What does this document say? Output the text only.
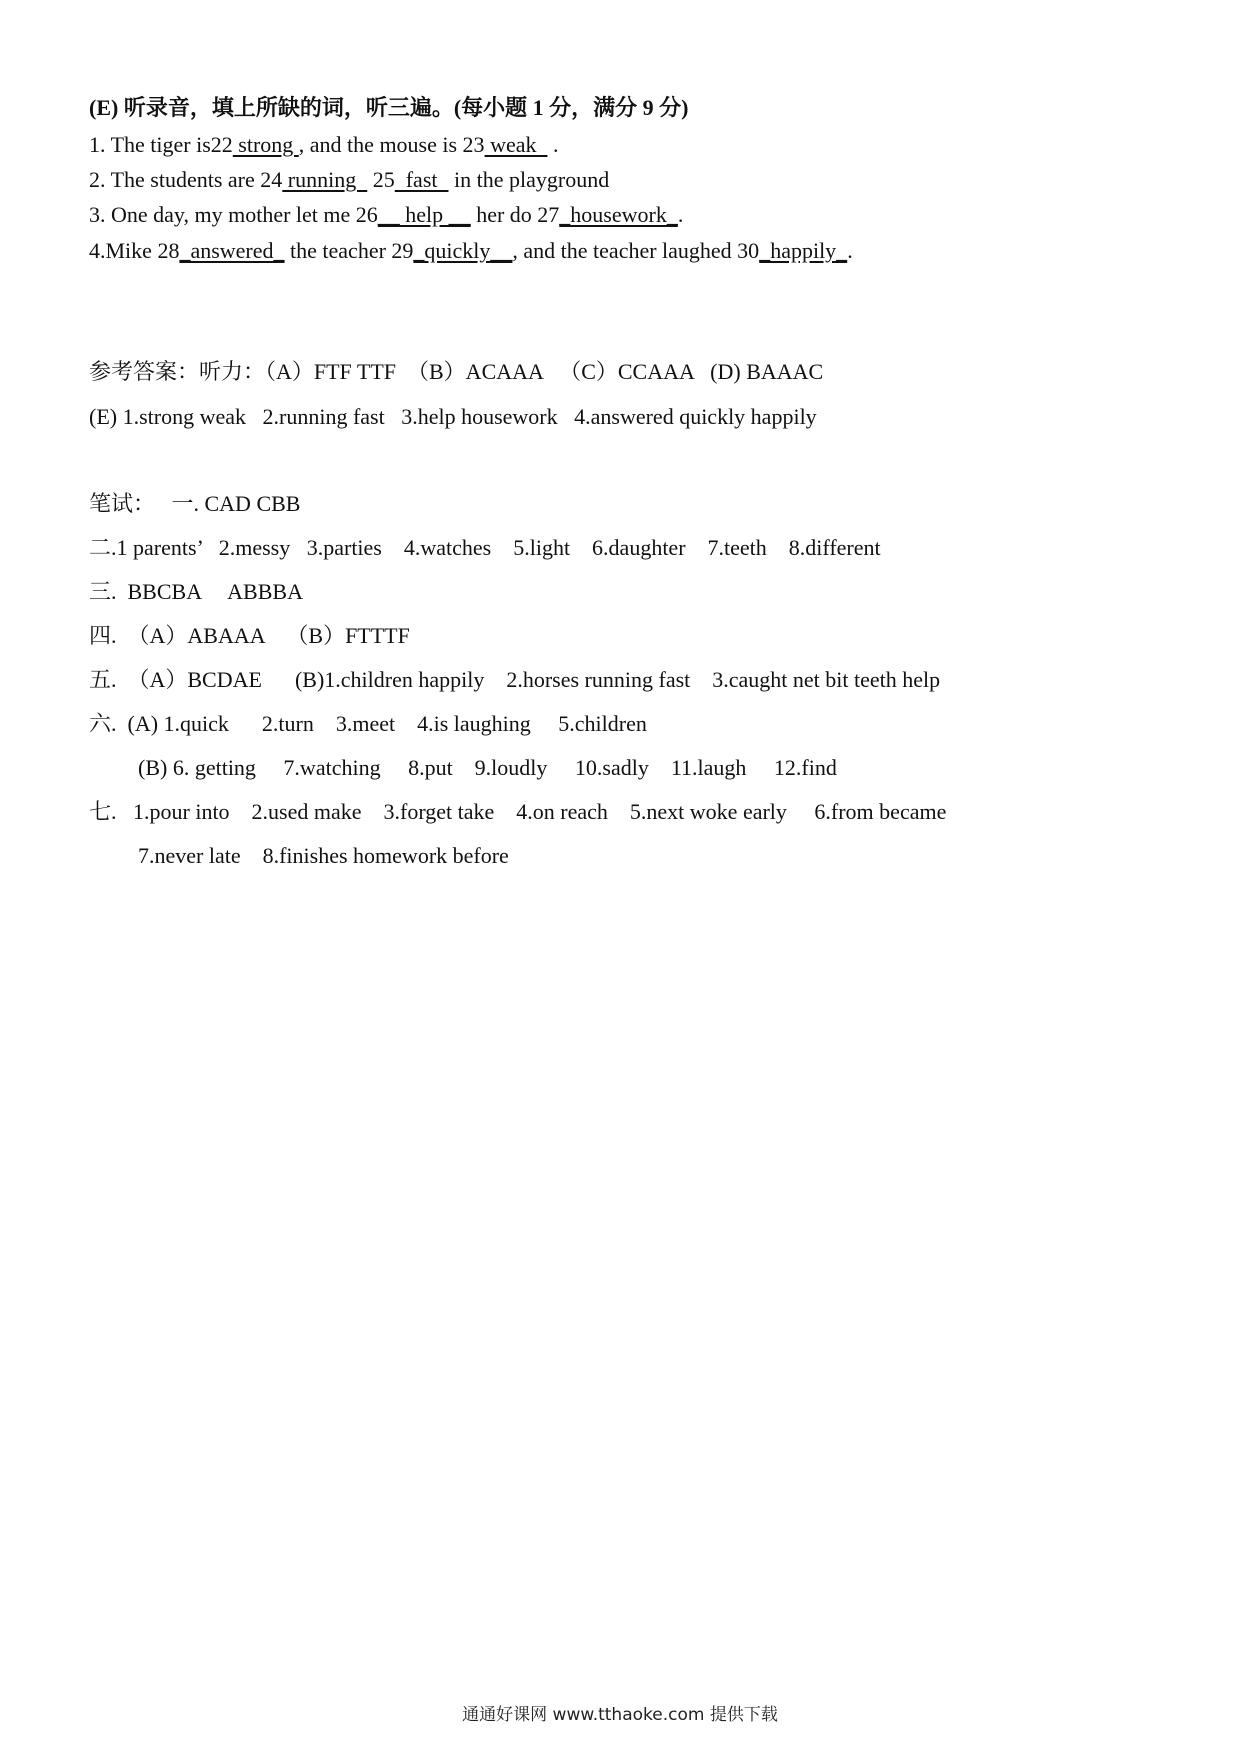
(E) 听录音，填上所缺的词，听三遍。(每小题 1 分，满分 9 分)
1. The tiger is22 strong , and the mouse is 23 weak   .
2. The students are 24 running   25  fast   in the playground
3. One day, my mother let me 26__ help __ her do 27_housework_.
4.Mike 28_answered_ the teacher 29_quickly__, and the teacher laughed 30_happily_.
参考答案：听力：（A）FTF TTF  （B）ACAAA   （C）CCAAA   (D) BAAAC
(E) 1.strong weak   2.running fast   3.help housework   4.answered quickly happily
笔试：   一. CAD CBB
二.1 parents’   2.messy   3.parties    4.watches    5.light    6.daughter    7.teeth    8.different
三.  BBCBA     ABBBA
四.  （A）ABAAA    （B）FTTTF
五.  （A）BCDAE      (B)1.children happily    2.horses running fast    3.caught net bit teeth help
六.  (A) 1.quick      2.turn    3.meet    4.is laughing     5.children
(B) 6. getting     7.watching     8.put    9.loudly     10.sadly    11.laugh     12.find
七.   1.pour into    2.used make    3.forget take    4.on reach    5.next woke early     6.from became
7.never late    8.finishes homework before
通通好课网 www.tthaoke.com 提供下载
